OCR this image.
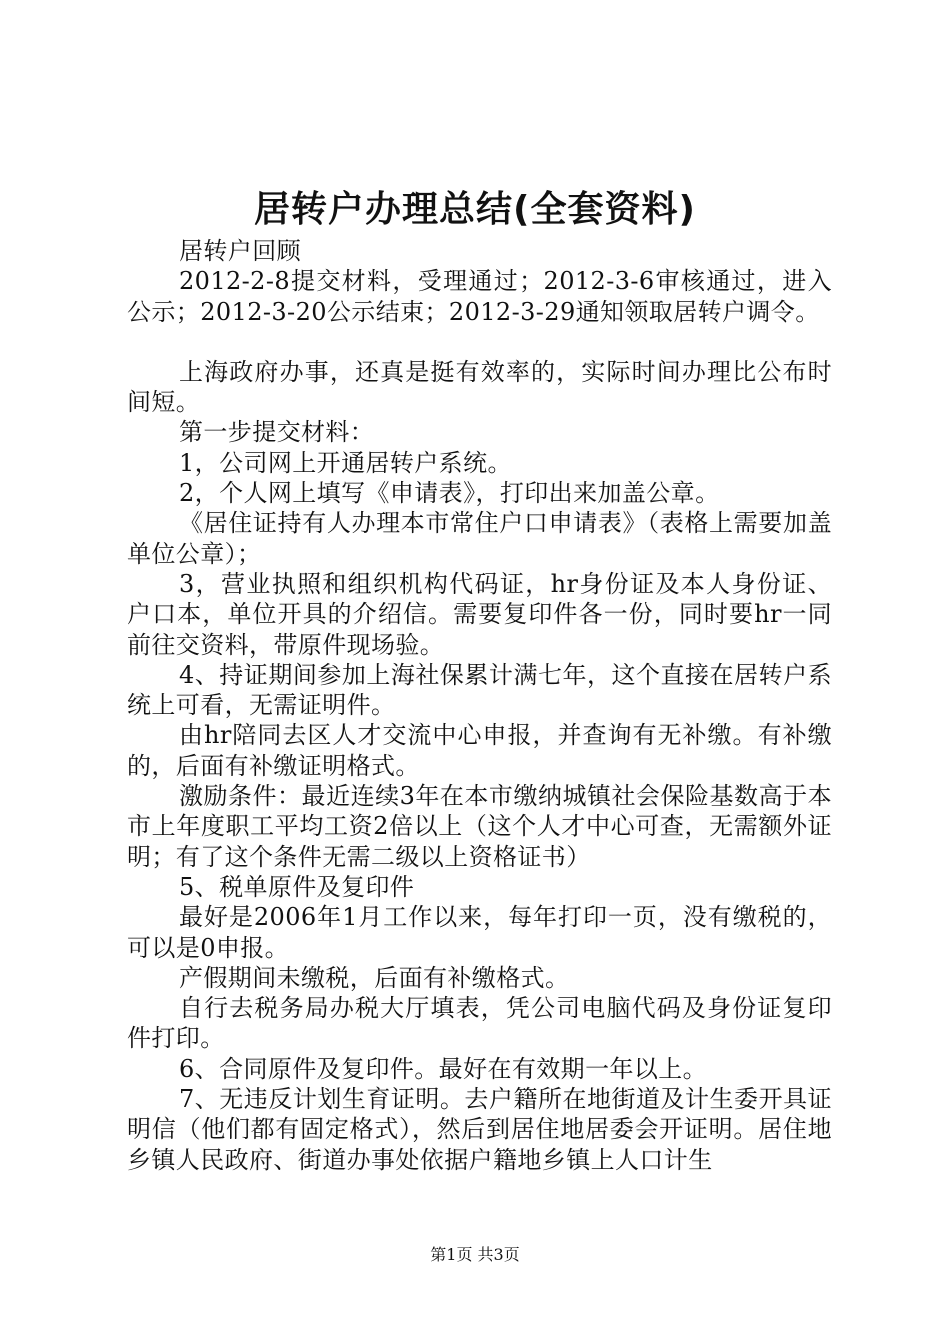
居转户办理总结(全套资料)

居转户回顾

2012-2-8提交材料，受理通过；2012-3-6审核通过，进入公示；2012-3-20公示结束；2012-3-29通知领取居转户调令。

上海政府办事，还真是挺有效率的，实际时间办理比公布时间短。

第一步提交材料：

1，公司网上开通居转户系统。

2，个人网上填写《申请表》，打印出来加盖公章。

《居住证持有人办理本市常住户口申请表》（表格上需要加盖单位公章）；

3，营业执照和组织机构代码证，hr身份证及本人身份证、户口本，单位开具的介绍信。需要复印件各一份，同时要hr一同前往交资料，带原件现场验。

4、持证期间参加上海社保累计满七年，这个直接在居转户系统上可看，无需证明件。

由hr陪同去区人才交流中心申报，并查询有无补缴。有补缴的，后面有补缴证明格式。

激励条件：最近连续3年在本市缴纳城镇社会保险基数高于本市上年度职工平均工资2倍以上（这个人才中心可查，无需额外证明；有了这个条件无需二级以上资格证书）

5、税单原件及复印件

最好是2006年1月工作以来，每年打印一页，没有缴税的，可以是0申报。

产假期间未缴税，后面有补缴格式。

自行去税务局办税大厅填表，凭公司电脑代码及身份证复印件打印。

6、合同原件及复印件。最好在有效期一年以上。

7、无违反计划生育证明。去户籍所在地街道及计生委开具证明信（他们都有固定格式），然后到居住地居委会开证明。居住地乡镇人民政府、街道办事处依据户籍地乡镇上人口计生

第1页 共3页
